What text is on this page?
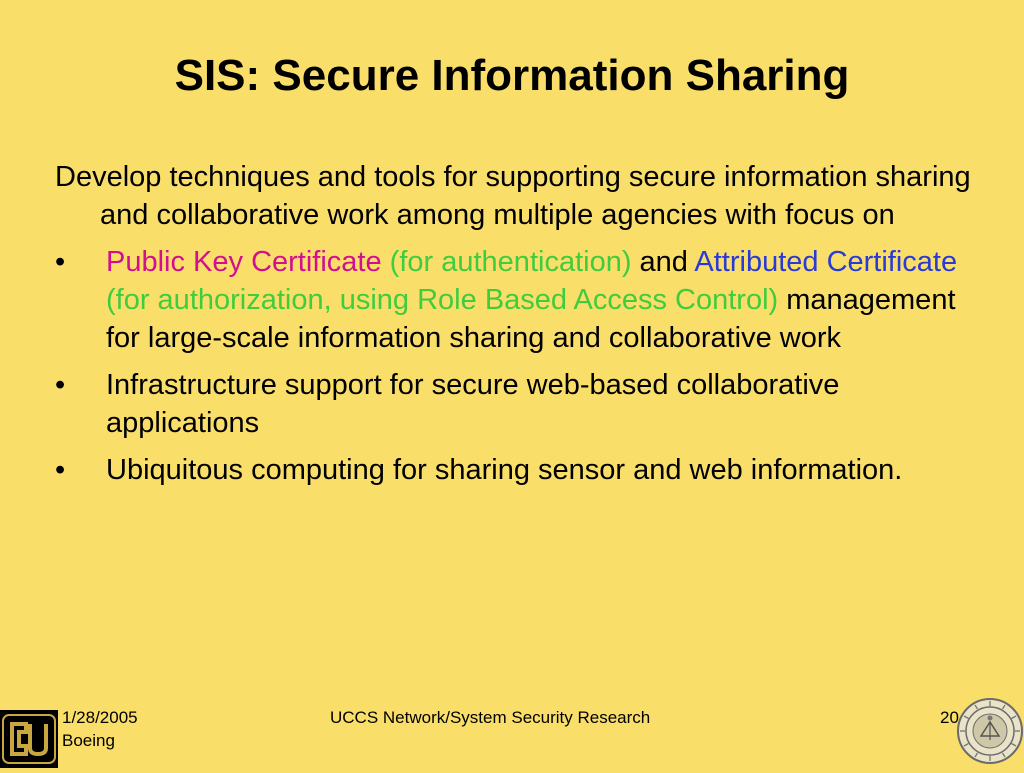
SIS: Secure Information Sharing

Develop techniques and tools for supporting secure information sharing and collaborative work among multiple agencies with focus on

•	Public Key Certificate (for authentication) and Attributed Certificate (for authorization, using Role Based Access Control) management for large-scale information sharing and collaborative work

•	Infrastructure support for secure web-based collaborative applications

•	Ubiquitous computing for sharing sensor and web information.

1/28/2005
Boeing
UCCS Network/System Security Research	20
